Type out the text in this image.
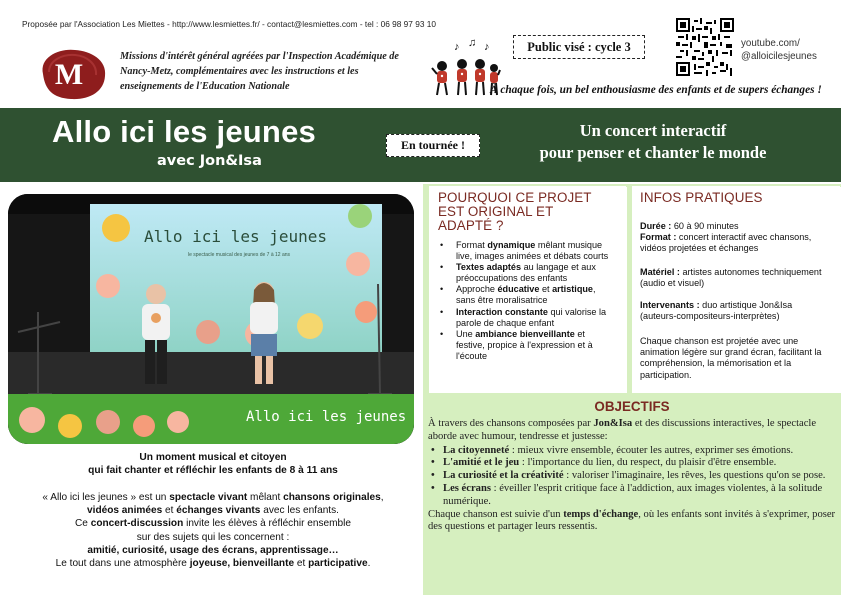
Proposée par l'Association Les Miettes - http://www.lesmiettes.fr/ - contact@lesmiettes.com - tel : 06 98 97 93 10
M
Missions d'intérêt général agréées par l'Inspection Académique de Nancy-Metz, complémentaires avec les instructions et les enseignements de l'Education Nationale
Public visé : cycle 3
♪ ♫ ♪	youtube.com/
@alloicilesjeunes
À chaque fois, un bel enthousiasme des enfants et de supers échanges !
Allo ici les jeunes
avec Jon&Isa
En tournée !
Un concert interactif
pour penser et chanter le monde
Allo ici les jeunes
le spectacle musical des jeunes de 7 à 12 ans
Allo ici les jeunes
Un moment musical et citoyen
qui fait chanter et réfléchir les enfants de 8 à 11 ans
« Allo ici les jeunes » est un spectacle vivant mêlant chansons originales,
vidéos animées et échanges vivants avec les enfants.
Ce concert-discussion invite les élèves à réfléchir ensemble
sur des sujets qui les concernent :
amitié, curiosité, usage des écrans, apprentissage…
Le tout dans une atmosphère joyeuse, bienveillante et participative.
POURQUOI CE PROJET EST ORIGINAL ET ADAPTÉ ?
• Format dynamique mêlant musique live, images animées et débats courts
• Textes adaptés au langage et aux préoccupations des enfants
• Approche éducative et artistique, sans être moralisatrice
• Interaction constante qui valorise la parole de chaque enfant
• Une ambiance bienveillante et festive, propice à l'expression et à l'écoute
INFOS PRATIQUES
Durée : 60 à 90 minutes
Format : concert interactif avec chansons, vidéos projetées et échanges
Matériel : artistes autonomes techniquement (audio et visuel)
Intervenants : duo artistique Jon&Isa (auteurs-compositeurs-interprètes)
Chaque chanson est projetée avec une animation légère sur grand écran, facilitant la compréhension, la mémorisation et la participation.
OBJECTIFS
À travers des chansons composées par Jon&Isa et des discussions interactives, le spectacle aborde avec humour, tendresse et justesse:
• La citoyenneté : mieux vivre ensemble, écouter les autres, exprimer ses émotions.
• L'amitié et le jeu : l'importance du lien, du respect, du plaisir d'être ensemble.
• La curiosité et la créativité : valoriser l'imaginaire, les rêves, les questions qu'on se pose.
• Les écrans : éveiller l'esprit critique face à l'addiction, aux images violentes, à la solitude numérique.
Chaque chanson est suivie d'un temps d'échange, où les enfants sont invités à s'exprimer, poser des questions et partager leurs ressentis.
